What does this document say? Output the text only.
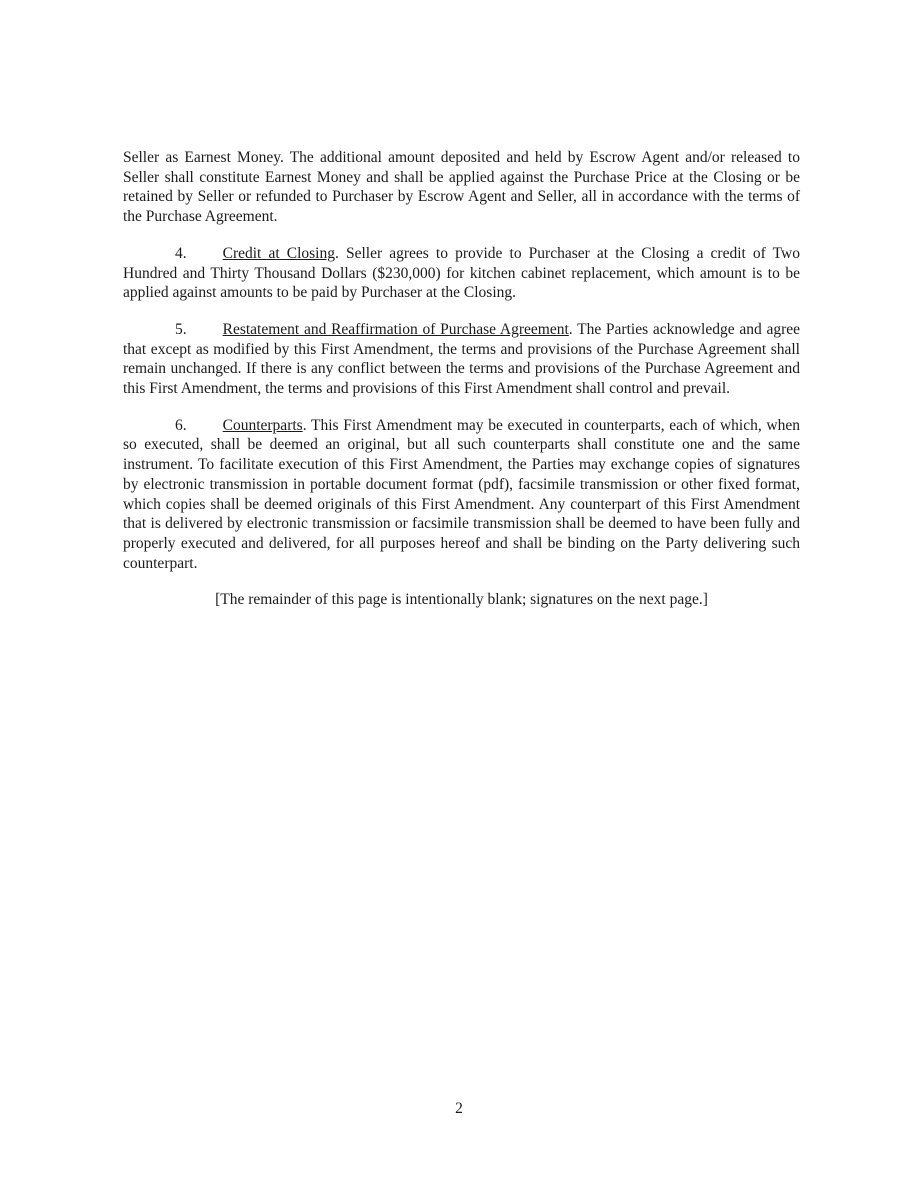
Seller as Earnest Money. The additional amount deposited and held by Escrow Agent and/or released to Seller shall constitute Earnest Money and shall be applied against the Purchase Price at the Closing or be retained by Seller or refunded to Purchaser by Escrow Agent and Seller, all in accordance with the terms of the Purchase Agreement.

4. Credit at Closing. Seller agrees to provide to Purchaser at the Closing a credit of Two Hundred and Thirty Thousand Dollars ($230,000) for kitchen cabinet replacement, which amount is to be applied against amounts to be paid by Purchaser at the Closing.

5. Restatement and Reaffirmation of Purchase Agreement. The Parties acknowledge and agree that except as modified by this First Amendment, the terms and provisions of the Purchase Agreement shall remain unchanged. If there is any conflict between the terms and provisions of the Purchase Agreement and this First Amendment, the terms and provisions of this First Amendment shall control and prevail.

6. Counterparts. This First Amendment may be executed in counterparts, each of which, when so executed, shall be deemed an original, but all such counterparts shall constitute one and the same instrument. To facilitate execution of this First Amendment, the Parties may exchange copies of signatures by electronic transmission in portable document format (pdf), facsimile transmission or other fixed format, which copies shall be deemed originals of this First Amendment. Any counterpart of this First Amendment that is delivered by electronic transmission or facsimile transmission shall be deemed to have been fully and properly executed and delivered, for all purposes hereof and shall be binding on the Party delivering such counterpart.

[The remainder of this page is intentionally blank; signatures on the next page.]

2
